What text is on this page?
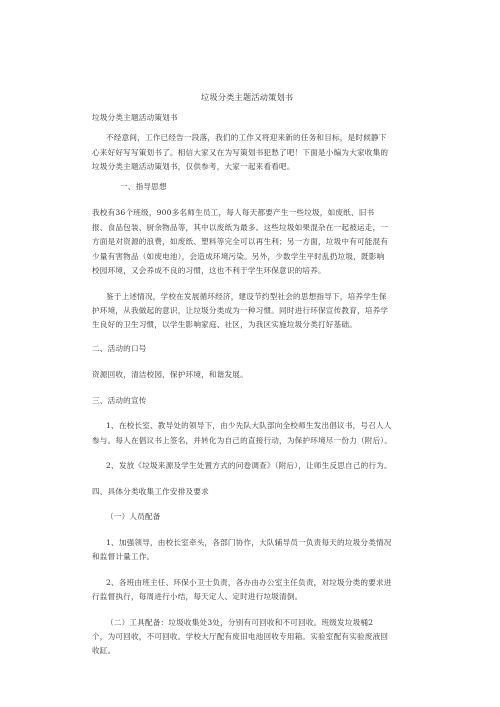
垃圾分类主题活动策划书

垃圾分类主题活动策划书

不经意间，工作已经告一段落，我们的工作又将迎来新的任务和目标，是时候静下

心来好好写写策划书了。相信大家又在为写策划书犯愁了吧！下面是小编为大家收集的

垃圾分类主题活动策划书，仅供参考，大家一起来看看吧。

一、指导思想

我校有36个班级，900多名师生员工，每人每天都要产生一些垃圾，如废纸、旧书

报、食品包装、厨余物品等，其中以废纸为最多。这些垃圾如果混杂在一起被运走，一

方面是对资源的浪费，如废纸、塑料等完全可以再生利；另一方面，垃圾中有可能混有

少量有害物品（如废电池），会造成环境污染。另外，少数学生平时乱扔垃圾，既影响

校园环境，又会养成不良的习惯，这也不利于学生环保意识的培养。

鉴于上述情况，学校在发展循环经济，建设节约型社会的思想指导下，培养学生保

护环境，从我做起的意识，让垃圾分类成为一种习惯。同时进行环保宣传教育，培养学

生良好的卫生习惯，以学生影响家庭、社区，为我区实施垃圾分类打好基础。

二、活动的口号

资源回收，清洁校园，保护环境，和谐发展。

三、活动的宣传

1、在校长室、教导处的领导下，由少先队大队部向全校师生发出倡议书，号召人人

参与。每人在倡议书上签名，并转化为自己的直接行动，为保护环境尽一份力（附后）。

2、发放《垃圾来源及学生处置方式的问卷调查》（附后），让师生反思自己的行为。

四、具体分类收集工作安排及要求

（一）人员配备

1、加强领导，由校长室牵头，各部门协作，大队辅导员一负责每天的垃圾分类情况

和监督计量工作。

2、各班由班主任、环保小卫士负责，各办由办公室主任负责，对垃圾分类的要求进

行监督执行，每周进行小结，每天定人、定时进行垃圾清倒。

（二）工具配备：垃圾收集处3处，分别有可回收和不可回收。班级发垃圾桶2

个，为可回收，不可回收。学校大厅配有废旧电池回收专用箱。实验室配有实验废液回

收缸。
